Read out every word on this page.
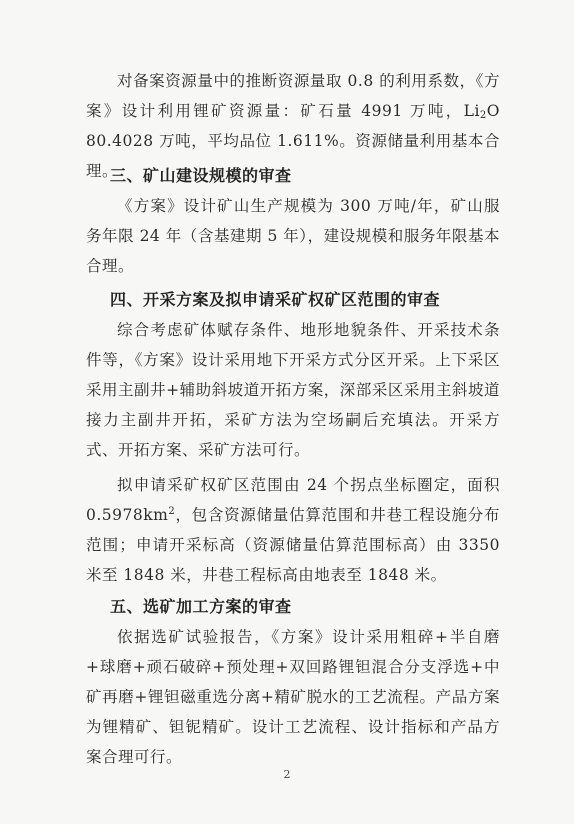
对备案资源量中的推断资源量取 0.8 的利用系数，《方案》设计利用锂矿资源量：矿石量 4991 万吨，$Li_2O$ 80.4028 万吨，平均品位 1.611%。资源储量利用基本合理。

三、矿山建设规模的审查

《方案》设计矿山生产规模为 300 万吨/年，矿山服务年限 24 年（含基建期 5 年），建设规模和服务年限基本合理。

四、开采方案及拟申请采矿权矿区范围的审查

综合考虑矿体赋存条件、地形地貌条件、开采技术条件等，《方案》设计采用地下开采方式分区开采。上下采区采用主副井+辅助斜坡道开拓方案，深部采区采用主斜坡道接力主副井开拓，采矿方法为空场嗣后充填法。开采方式、开拓方案、采矿方法可行。

拟申请采矿权矿区范围由 24 个拐点坐标圈定，面积 $0.5978km^2$，包含资源储量估算范围和井巷工程设施分布范围；申请开采标高（资源储量估算范围标高）由 3350 米至 1848 米，井巷工程标高由地表至 1848 米。

五、选矿加工方案的审查

依据选矿试验报告，《方案》设计采用粗碎+半自磨+球磨+顽石破碎+预处理+双回路锂钽混合分支浮选+中矿再磨+锂钽磁重选分离+精矿脱水的工艺流程。产品方案为锂精矿、钽铌精矿。设计工艺流程、设计指标和产品方案合理可行。

2
